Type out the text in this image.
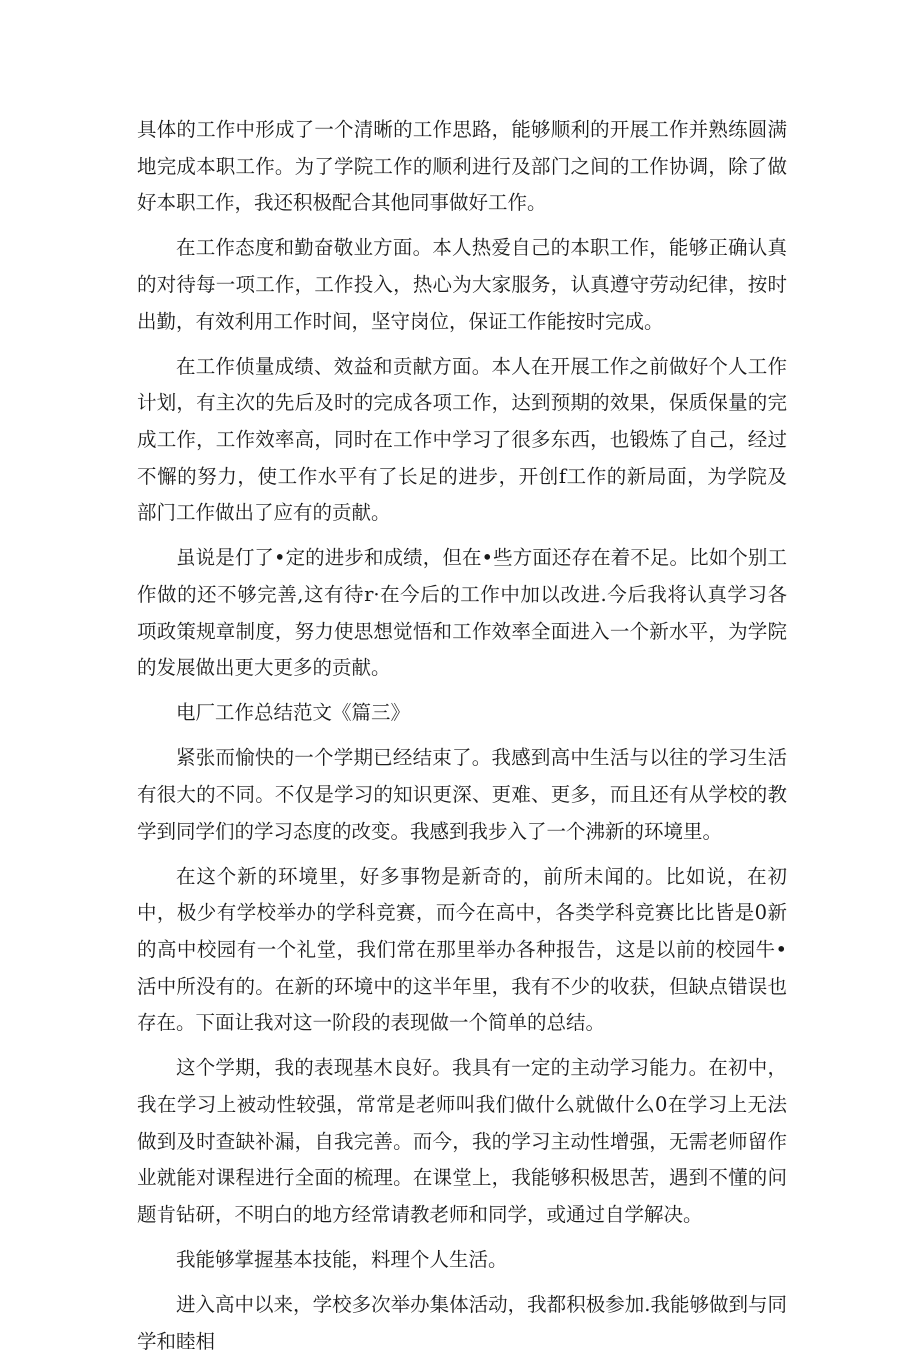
具体的工作中形成了一个清晰的工作思路，能够顺利的开展工作并熟练圆满地完成本职工作。为了学院工作的顺利进行及部门之间的工作协调，除了做好本职工作，我还积极配合其他同事做好工作。

在工作态度和勤奋敬业方面。本人热爱自己的本职工作，能够正确认真的对待每一项工作，工作投入，热心为大家服务，认真遵守劳动纪律，按时出勤，有效利用工作时间，坚守岗位，保证工作能按时完成。

在工作侦量成绩、效益和贡献方面。本人在开展工作之前做好个人工作计划，有主次的先后及时的完成各项工作，达到预期的效果，保质保量的完成工作，工作效率高，同时在工作中学习了很多东西，也锻炼了自己，经过不懈的努力，使工作水平有了长足的进步，开创f工作的新局面，为学院及部门工作做出了应有的贡献。

虽说是仃了•定的进步和成绩，但在•些方面还存在着不足。比如个别工作做的还不够完善,这有待r·在今后的工作中加以改进.今后我将认真学习各项政策规章制度，努力使思想觉悟和工作效率全面进入一个新水平，为学院的发展做出更大更多的贡献。

电厂工作总结范文《篇三》

紧张而愉快的一个学期已经结束了。我感到高中生活与以往的学习生活有很大的不同。不仅是学习的知识更深、更难、更多，而且还有从学校的教学到同学们的学习态度的改变。我感到我步入了一个沸新的环境里。

在这个新的环境里，好多事物是新奇的，前所未闻的。比如说，在初中，极少有学校举办的学科竞赛，而今在高中，各类学科竞赛比比皆是0新的高中校园有一个礼堂，我们常在那里举办各种报告，这是以前的校园牛•活中所没有的。在新的环境中的这半年里，我有不少的收获，但缺点错误也存在。下面让我对这一阶段的表现做一个简单的总结。

这个学期，我的表现基木良好。我具有一定的主动学习能力。在初中，我在学习上被动性较强，常常是老师叫我们做什么就做什么0在学习上无法做到及时查缺补漏，自我完善。而今，我的学习主动性增强，无需老师留作业就能对课程进行全面的梳理。在课堂上，我能够积极思苦，遇到不懂的问题肯钻研，不明白的地方经常请教老师和同学，或通过自学解决。

我能够掌握基本技能，料理个人生活。

进入高中以来，学校多次举办集体活动，我都积极参加.我能够做到与同学和睦相
